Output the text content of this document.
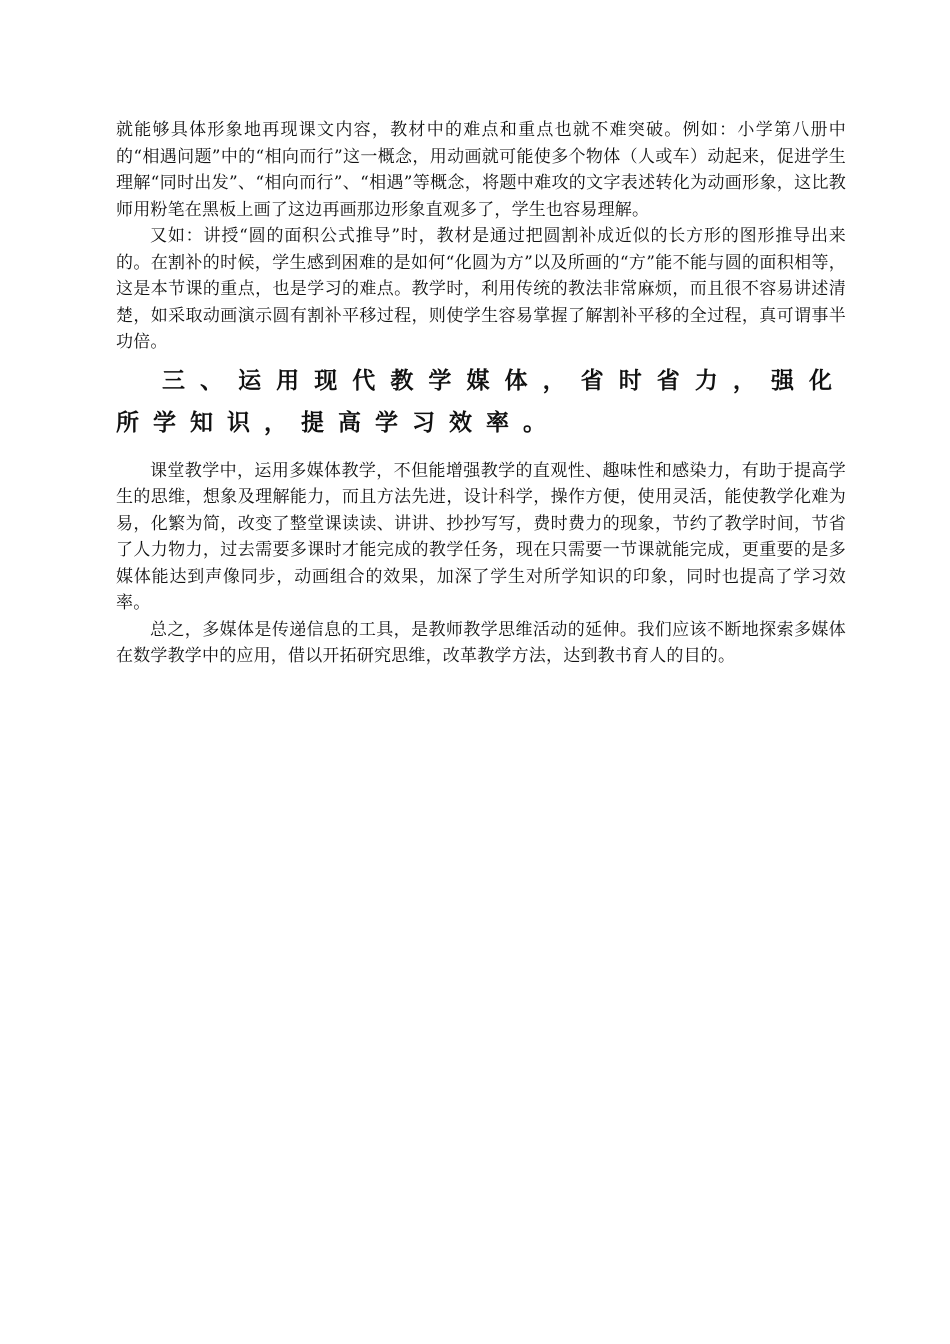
就能够具体形象地再现课文内容，教材中的难点和重点也就不难突破。例如：小学第八册中的“相遇问题”中的“相向而行”这一概念，用动画就可能使多个物体（人或车）动起来，促进学生理解“同时出发”、“相向而行”、“相遇”等概念，将题中难攻的文字表述转化为动画形象，这比教师用粉笔在黑板上画了这边再画那边形象直观多了，学生也容易理解。

又如：讲授“圆的面积公式推导”时，教材是通过把圆割补成近似的长方形的图形推导出来的。在割补的时候，学生感到困难的是如何“化圆为方”以及所画的“方”能不能与圆的面积相等，这是本节课的重点，也是学习的难点。教学时，利用传统的教法非常麻烦，而且很不容易讲述清楚，如采取动画演示圆有割补平移过程，则使学生容易掌握了解割补平移的全过程，真可谓事半功倍。

三、运用现代教学媒体，省时省力，强化所学知识，提高学习效率。

课堂教学中，运用多媒体教学，不但能增强教学的直观性、趣味性和感染力，有助于提高学生的思维，想象及理解能力，而且方法先进，设计科学，操作方便，使用灵活，能使教学化难为易，化繁为简，改变了整堂课读读、讲讲、抄抄写写，费时费力的现象，节约了教学时间，节省了人力物力，过去需要多课时才能完成的教学任务，现在只需要一节课就能完成，更重要的是多媒体能达到声像同步，动画组合的效果，加深了学生对所学知识的印象，同时也提高了学习效率。

总之，多媒体是传递信息的工具，是教师教学思维活动的延伸。我们应该不断地探索多媒体在数学教学中的应用，借以开拓研究思维，改革教学方法，达到教书育人的目的。
